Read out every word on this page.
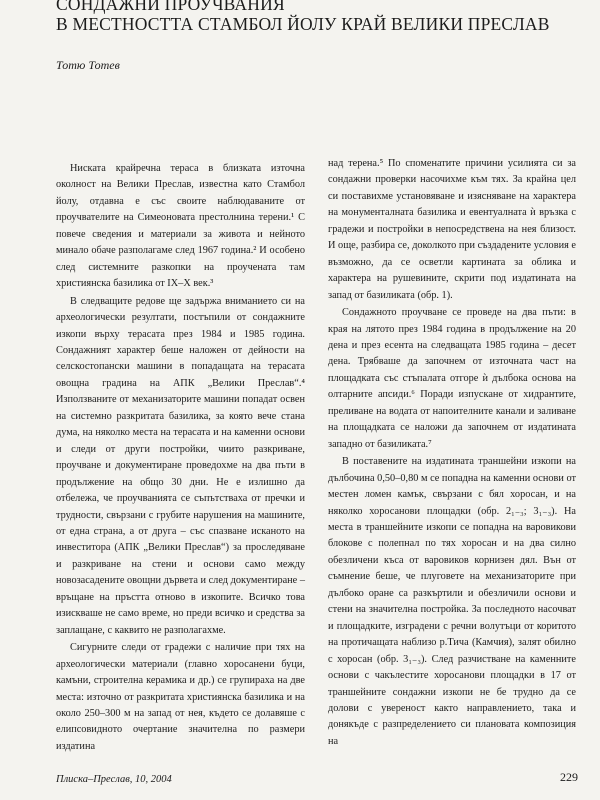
СОНДАЖНИ ПРОУЧВАНИЯ
В МЕСТНОСТТА СТАМБОЛ ЙОЛУ КРАЙ ВЕЛИКИ ПРЕСЛАВ
Тотю Тотев

Ниската крайречна тераса в близката източна околност на Велики Преслав, известна като Стамбол йолу, отдавна е със своите наблюдаваните от проучвателите на Симеоновата престолнина терени.¹ С повече сведения и материали за живота и нейното минало обаче разполагаме след 1967 година.² И особено след системните разкопки на проучената там християнска базилика от IX–X век.³

В следващите редове ще задържа вниманието си на археологически резултати, постъпили от сондажните изкопи върху терасата през 1984 и 1985 година. Сондажният характер беше наложен от дейности на селскостопански машини в попадащата на терасата овощна градина на АПК „Велики Преслав“.⁴ Използваните от механизаторите машини попадат освен на системно разкритата базилика, за която вече стана дума, на няколко места на терасата и на каменни основи и следи от други постройки, чиито разкриване, проучване и документиране проведохме на два пъти в продължение на общо 30 дни. Не е излишно да отбележа, че проучванията се съпътстваха от пречки и трудности, свързани с грубите нарушения на машините, от една страна, а от друга – със спазване исканото на инвеститора (АПК „Велики Преслав“) за проследяване и разкриване на стени и основи само между новозасадените овощни дървета и след документиране – връщане на пръстта отново в изкопите. Всичко това изискваше не само време, но преди всичко и средства за заплащане, с каквито не разполагахме.

Сигурните следи от градежи с наличие при тях на археологически материали (главно хоросанени буци, камъни, строителна керамика и др.) се групираха на две места: източно от разкритата християнска базилика и на около 250–300 м на запад от нея, където се долавяше с елипсовидното очертание значителна по размери издатина

над терена.⁵ По споменатите причини усилията си за сондажни проверки насочихме към тях. За крайна цел си поставихме установяване и изясняване на характера на монументалната базилика и евентуалната ѝ връзка с градежи и постройки в непосредствена на нея близост. И още, разбира се, доколкото при създадените условия е възможно, да се осветли картината за облика и характера на рушевините, скрити под издатината на запад от базиликата (обр. 1).

Сондажното проучване се проведе на два пъти: в края на лятото през 1984 година в продължение на 20 дена и през есента на следващата 1985 година – десет дена. Трябваше да започнем от източната част на площадката със стъпалата отгоре ѝ дълбока основа на олтарните апсиди.⁶ Поради изпускане от хидрантите, преливане на водата от напоителните канали и заливане на площадката се наложи да започнем от издатината западно от базиликата.⁷

В поставените на издатината траншейни изкопи на дълбочина 0,50–0,80 м се попадна на каменни основи от местен ломен камък, свързани с бял хоросан, и на няколко хоросанови площадки (обр. 2₁₋₃; 3₁₋₃). На места в траншейните изкопи се попадна на варовикови блокове с полепнал по тях хоросан и на два силно обезличени къса от варовиков корнизен дял. Вън от съмнение беше, че плуговете на механизаторите при дълбоко оране са разкъртили и обезличили основи и стени на значителна постройка. За последното насочват и площадките, изградени с речни волутъци от коритото на протичащата наблизо р.Тича (Камчия), залят обилно с хоросан (обр. 3₁₋₃). След разчистване на каменните основи с чакълестите хоросанови площадки в 17 от траншейните сондажни изкопи не бе трудно да се долови с увереност както направлението, така и донякъде с разпределението си плановата композиция на

Плиска–Преслав, 10, 2004	229
